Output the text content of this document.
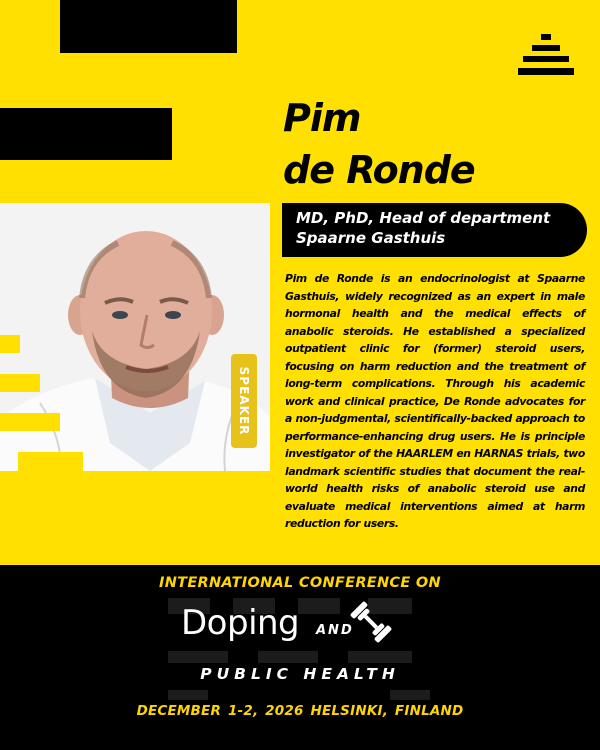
Pim
de Ronde
SPEAKER
MD, PhD, Head of department
Spaarne Gasthuis

Pim de Ronde is an endocrinologist at Spaarne Gasthuis, widely recognized as an expert in male hormonal health and the medical effects of anabolic steroids. He established a specialized outpatient clinic for (former) steroid users, focusing on harm reduction and the treatment of long-term complications. Through his academic work and clinical practice, De Ronde advocates for a non-judgmental, scientifically-backed approach to performance-enhancing drug users. He is principle investigator of the HAARLEM en HARNAS trials, two landmark scientific studies that document the real-world health risks of anabolic steroid use and evaluate medical interventions aimed at harm reduction for users.

INTERNATIONAL CONFERENCE ON

Doping AND
PUBLIC HEALTH
DECEMBER 1-2, 2026 HELSINKI, FINLAND
